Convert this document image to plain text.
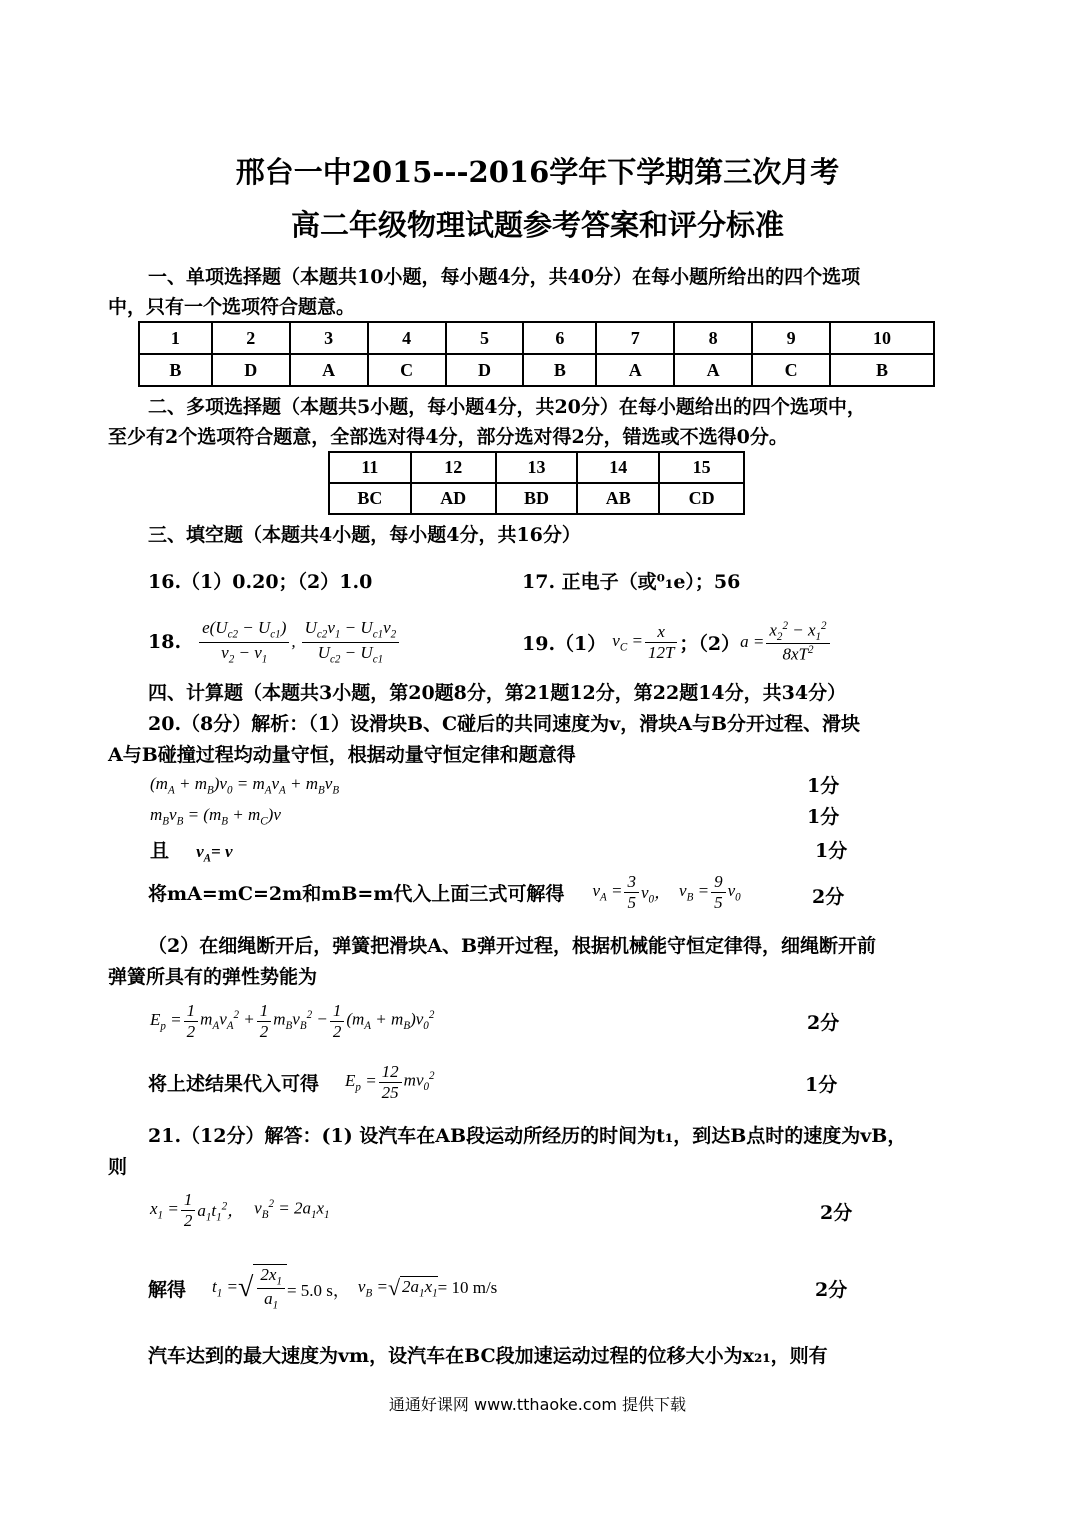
邢台一中2015---2016学年下学期第三次月考
高二年级物理试题参考答案和评分标准
一、单项选择题（本题共10小题，每小题4分，共40分）在每小题所给出的四个选项
中，只有一个选项符合题意。
1	2	3	4	5	6	7	8	9	10
B	D	A	C	D	B	A	A	C	B
二、多项选择题（本题共5小题，每小题4分，共20分）在每小题给出的四个选项中，
至少有2个选项符合题意，全部选对得4分，部分选对得2分，错选或不选得0分。
11	12	13	14	15
BC	AD	BD	AB	CD
三、填空题（本题共4小题，每小题4分，共16分）
16.（1）0.20；（2）1.0	17. 正电子（或⁰₁e）；56
18. $\frac{e(U_{c2} - U_{c1})}{v_2 - v_1}$ , $\frac{U_{c2}v_1 - U_{c1}v_2}{U_{c2} - U_{c1}}$	19.（1） $v_C = \frac{x}{12T}$ ；（2） $a = \frac{x_2^2 - x_1^2}{8xT^2}$
四、计算题（本题共3小题，第20题8分，第21题12分，第22题14分，共34分）
20.（8分）解析：（1）设滑块B、C碰后的共同速度为v，滑块A与B分开过程、滑块
A与B碰撞过程均动量守恒，根据动量守恒定律和题意得
$(m_A + m_B)v_0 = m_Av_A + m_Bv_B$	1分
$m_Bv_B = (m_B + m_C)v$	1分
且 $v_A= v$	1分
将mA=mC=2m和mB=m代入上面三式可解得 $v_A = \frac{3}{5} v_0$， $v_B = \frac{9}{5} v_0$	2分
（2）在细绳断开后，弹簧把滑块A、B弹开过程，根据机械能守恒定律得，细绳断开前
弹簧所具有的弹性势能为
$E_p = \frac{1}{2} m_Av_A^2 + \frac{1}{2} m_Bv_B^2 - \frac{1}{2} (m_A + m_B)v_0^2$	2分
将上述结果代入可得 $E_p = \frac{12}{25} mv_0^2$	1分
21.（12分）解答：(1) 设汽车在AB段运动所经历的时间为t₁，到达B点时的速度为vB，
则
$x_1 = \frac{1}{2} a_1t_1^2$， $v_B^2 = 2a_1x_1$	2分
解得 $t_1$ = √ $\frac{2x_1}{a_1} = 5.0$ s， $v_B$ = √ $2a_1x_1 = 10$ m/s	2分
汽车达到的最大速度为vm，设汽车在BC段加速运动过程的位移大小为x₂₁，则有
通通好课网 www.tthaoke.com 提供下载
